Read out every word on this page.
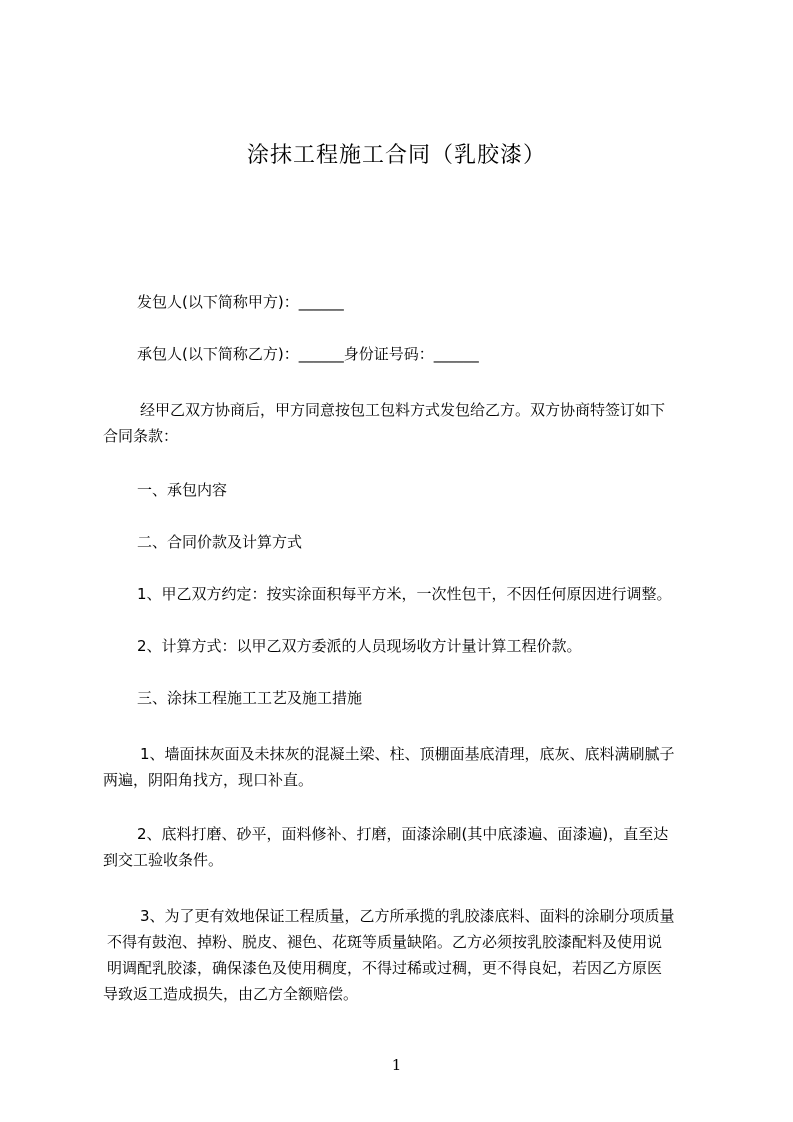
涂抹工程施工合同（乳胶漆）

发包人(以下简称甲方)：______

承包人(以下简称乙方)：______身份证号码：______

经甲乙双方协商后，甲方同意按包工包料方式发包给乙方。双方协商特签订如下
合同条款：

一、承包内容

二、合同价款及计算方式

1、甲乙双方约定：按实涂面积每平方米，一次性包干，不因任何原因进行调整。

2、计算方式：以甲乙双方委派的人员现场收方计量计算工程价款。

三、涂抹工程施工工艺及施工措施

1、墙面抹灰面及未抹灰的混凝土梁、柱、顶棚面基底清理，底灰、底料满刷腻子
两遍，阴阳角找方，现口补直。
2、底料打磨、砂平，面料修补、打磨，面漆涂刷(其中底漆遍、面漆遍)，直至达
到交工验收条件。
3、为了更有效地保证工程质量，乙方所承揽的乳胶漆底料、面料的涂刷分项质量
不得有鼓泡、掉粉、脱皮、褪色、花斑等质量缺陷。乙方必须按乳胶漆配料及使用说
明调配乳胶漆，确保漆色及使用稠度，不得过稀或过稠，更不得良妃，若因乙方原医
导致返工造成损失，由乙方全额赔偿。
1
